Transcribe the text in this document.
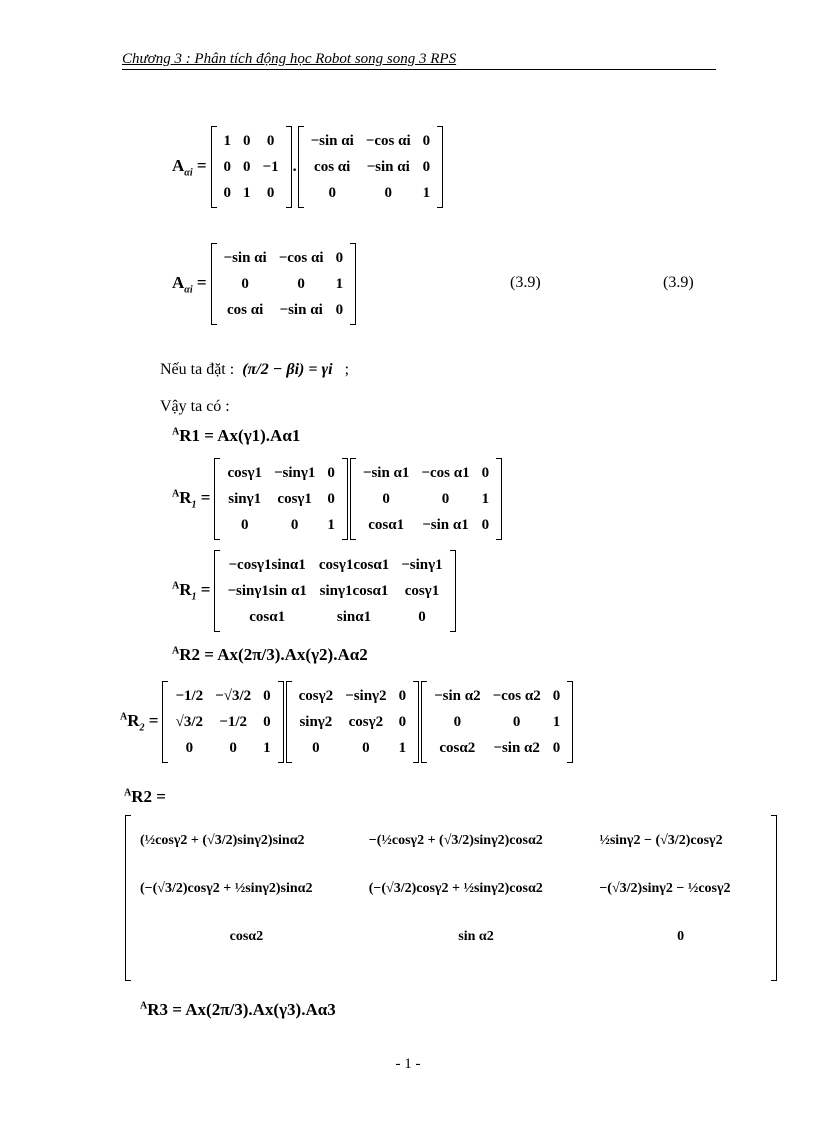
Chương 3 : Phân tích động học Robot song song 3 RPS
$A_{\alpha i}$ =
1	0	0
0	0	−1
0	1	0
.
−sin αi	−cos αi	0
cos αi	−sin αi	0
0	0	1
$A_{\alpha i}$ =
−sin αi	−cos αi	0
0	0	1
cos αi	−sin αi	0
(3.9)	(3.9)
Nếu ta đặt : (π/2 − βi) = γi ;
Vậy ta có :
$^A$R1 = Ax(γ1).Aα1
$^AR_1$ =
cosγ1	−sinγ1	0
sinγ1	cosγ1	0
0	0	1
−sin α1	−cos α1	0
0	0	1
cosα1	−sin α1	0
$^AR_1$ =
−cosγ1sinα1	cosγ1cosα1	−sinγ1
−sinγ1sin α1	sinγ1cosα1	cosγ1
cosα1	sinα1	0
$^A$R2 = Ax(2π/3).Ax(γ2).Aα2
$^AR_2$ =
−1/2	−√3/2	0
√3/2	−1/2	0
0	0	1
cosγ2	−sinγ2	0
sinγ2	cosγ2	0
0	0	1
−sin α2	−cos α2	0
0	0	1
cosα2	−sin α2	0
$^A$R2 =
(½cosγ2 + (√3/2)sinγ2)sinα2	−(½cosγ2 + (√3/2)sinγ2)cosα2	½sinγ2 − (√3/2)cosγ2
(−(√3/2)cosγ2 + ½sinγ2)sinα2	(−(√3/2)cosγ2 + ½sinγ2)cosα2	−(√3/2)sinγ2 − ½cosγ2
cosα2	sin α2	0
$^A$R3 = Ax(2π/3).Ax(γ3).Aα3
- 1 -
